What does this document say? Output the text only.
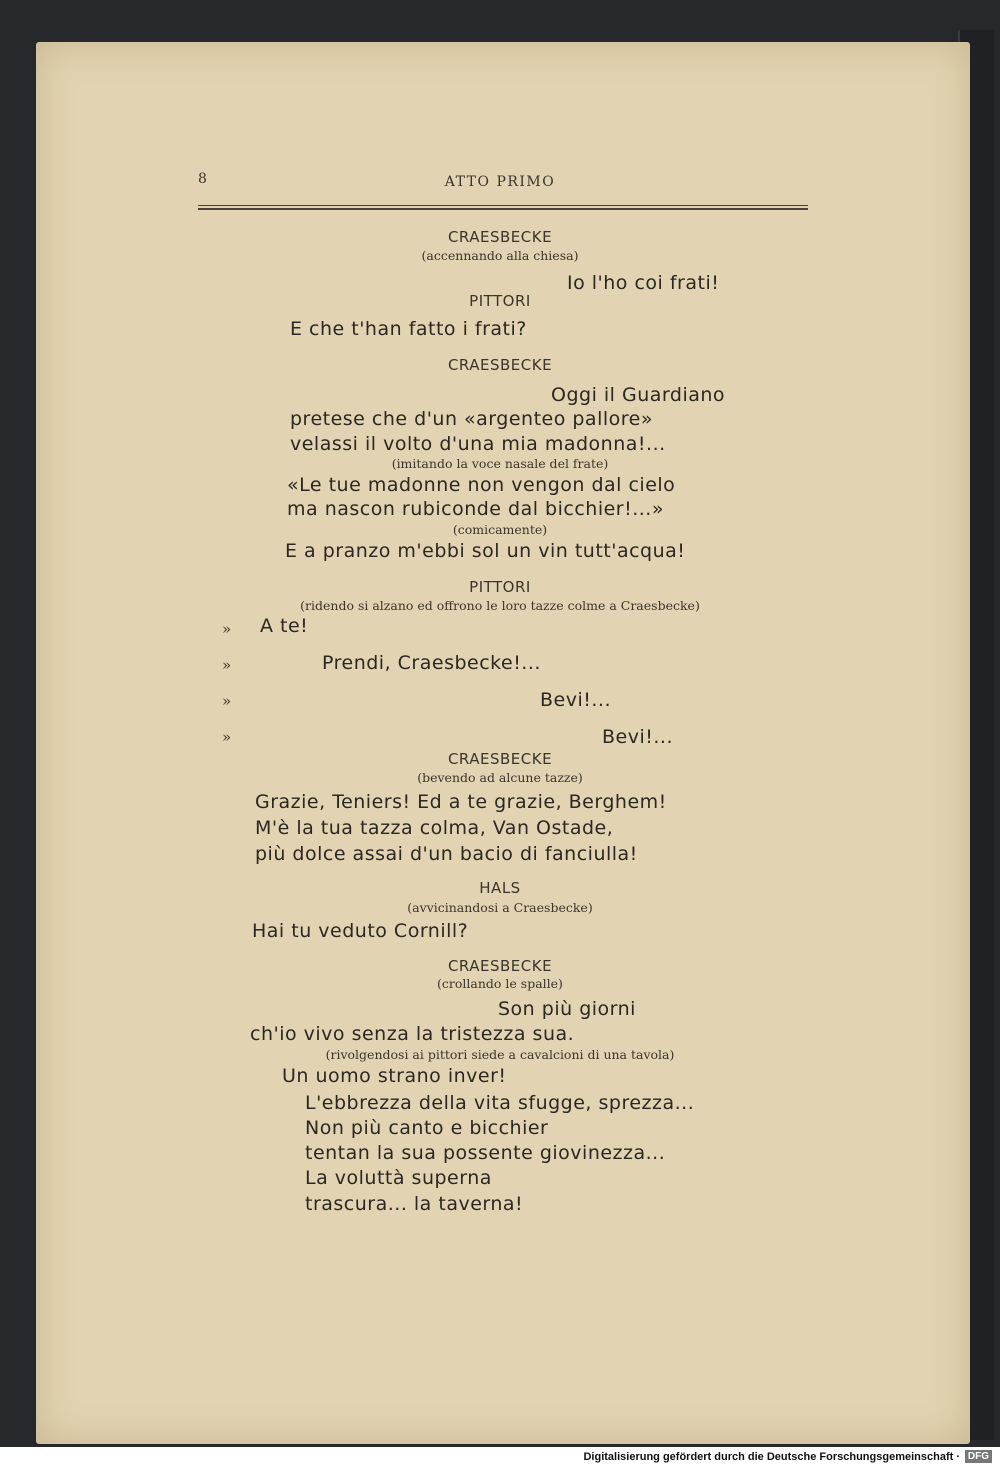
8	ATTO PRIMO
CRAESBECKE
(accennando alla chiesa)
Io l'ho coi frati!
PITTORI
E che t'han fatto i frati?
CRAESBECKE
Oggi il Guardiano
pretese che d'un «argenteo pallore»
velassi il volto d'una mia madonna!...
(imitando la voce nasale del frate)
«Le tue madonne non vengon dal cielo
ma nascon rubiconde dal bicchier!...»
(comicamente)
E a pranzo m'ebbi sol un vin tutt'acqua!
PITTORI
(ridendo si alzano ed offrono le loro tazze colme a Craesbecke)
» A te!
»	Prendi, Craesbecke!...
»	Bevi!...
»	Bevi!...
CRAESBECKE
(bevendo ad alcune tazze)
Grazie, Teniers! Ed a te grazie, Berghem!
M'è la tua tazza colma, Van Ostade,
più dolce assai d'un bacio di fanciulla!
HALS
(avvicinandosi a Craesbecke)
Hai tu veduto Cornill?
CRAESBECKE
(crollando le spalle)
Son più giorni
ch'io vivo senza la tristezza sua.
(rivolgendosi ai pittori siede a cavalcioni di una tavola)
Un uomo strano inver!
L'ebbrezza della vita sfugge, sprezza...
Non più canto e bicchier
tentan la sua possente giovinezza...
La voluttà superna
trascura... la taverna!
Digitalisierung gefördert durch die Deutsche Forschungsgemeinschaft · DFG
